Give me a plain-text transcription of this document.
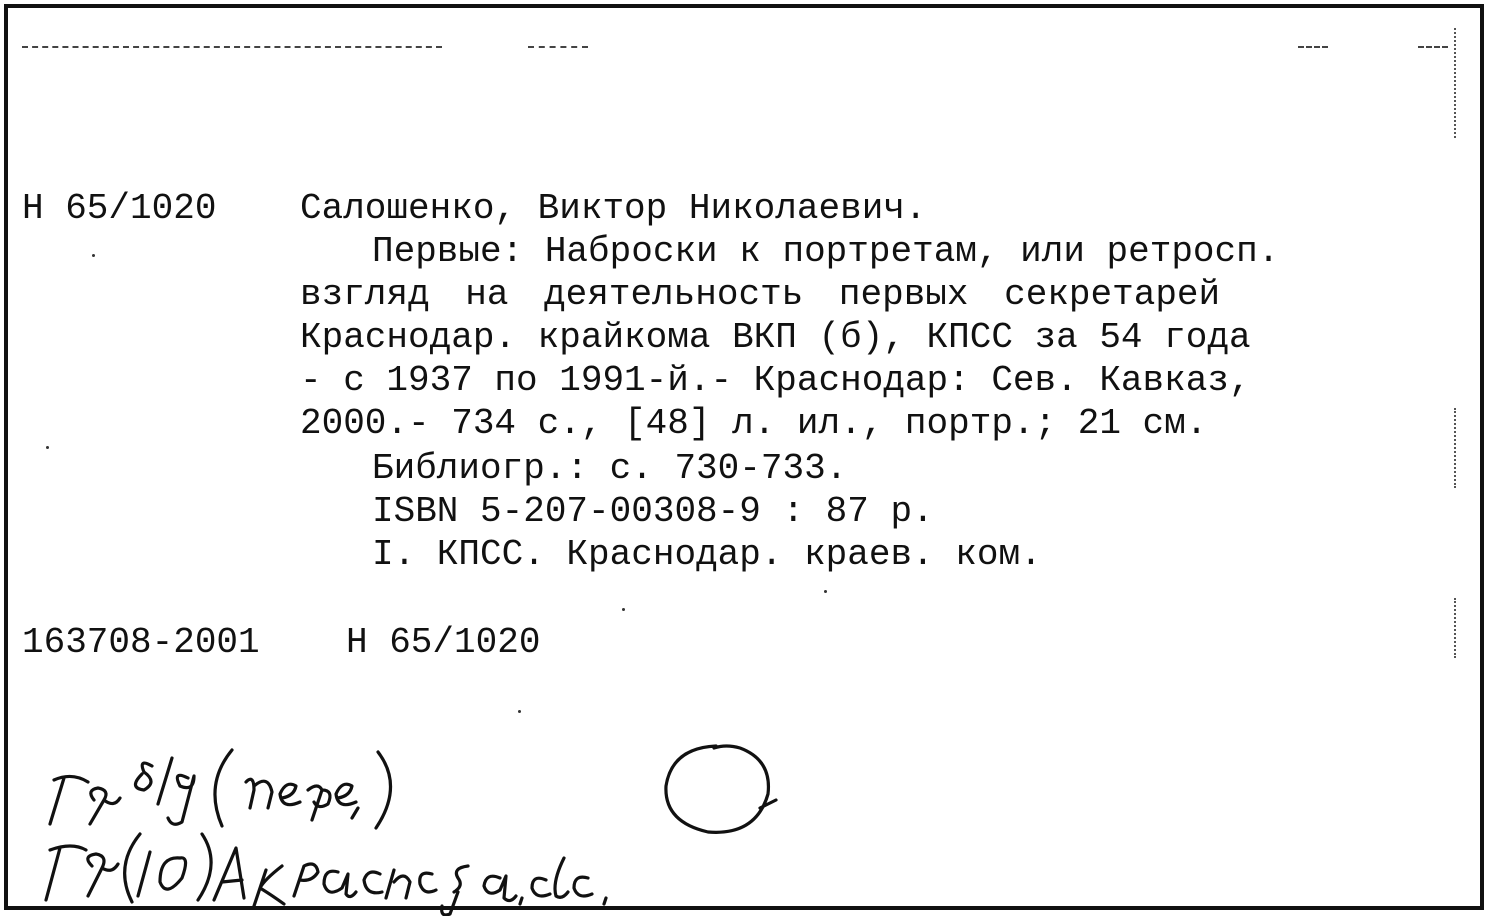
Н 65/1020 Салошенко, Виктор Николаевич.
Первые: Наброски к портретам, или ретросп.
взгляд на деятельность первых секретарей
Краснодар. крайкома ВКП (б), КПСС за 54 года
- с 1937 по 1991-й.- Краснодар: Сев. Кавказ,
2000.- 734 с., [48] л. ил., портр.; 21 см.
Библиогр.: с. 730-733.
ISBN 5-207-00308-9 : 87 р.
I. КПСС. Краснодар. краев. ком.
163708-2001 Н 65/1020
